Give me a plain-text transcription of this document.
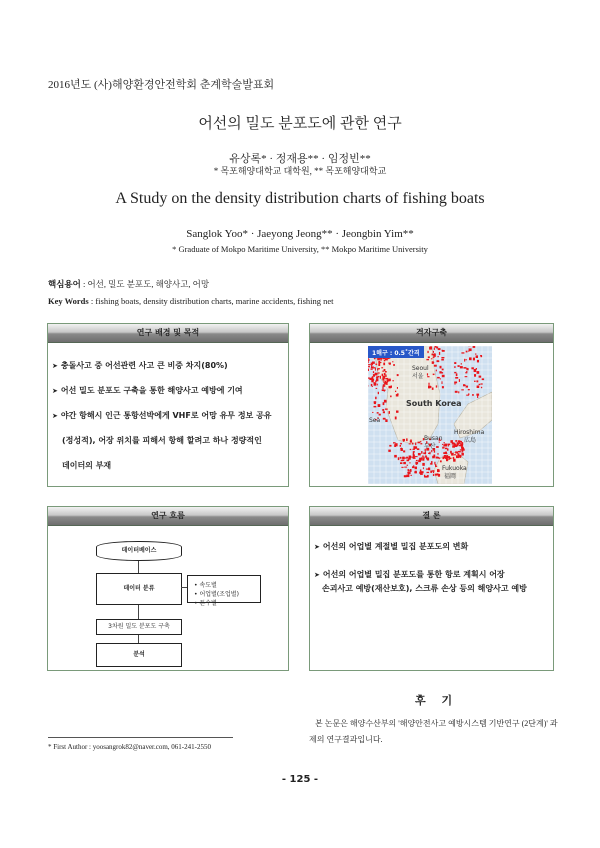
2016년도 (사)해양환경안전학회 춘계학술발표회
어선의 밀도 분포도에 관한 연구
유상록* · 정재용** · 임정빈**
* 목포해양대학교 대학원, ** 목포해양대학교
A Study on the density distribution charts of fishing boats
Sanglok Yoo* · Jaeyong Jeong** · Jeongbin Yim**
* Graduate of Mokpo Maritime University, ** Mokpo Maritime University
핵심용어 : 어선, 밀도 분포도, 해양사고, 어망
Key Words : fishing boats, density distribution charts, marine accidents, fishing net
연구 배경 및 목적
➤ 충돌사고 중 어선관련 사고 큰 비중 차지(80%)
➤ 어선 밀도 분포도 구축을 통한 해양사고 예방에 기여
➤ 야간 항해시 인근 통항선박에게 VHF로 어망 유무 정보 공유
(정성적), 어장 위치를 피해서 항해 할려고 하나 정량적인
데이터의 부재
격자구축
1해구 : 0.5˚간격
Seoul
서울
South Korea
Busan
부산
Hiroshima
広島
Fukuoka
福岡
Sea
연구 흐름
데이터베이스
데이터 분류	• 속도별
• 어업별(조업별)
• 톤수별
3차원 밀도 분포도 구축
분석
결 론
➤ 어선의 어업별 계절별 밀집 분포도의 변화
➤ 어선의 어업별 밀집 분포도를 통한 항로 계획시 어장
손괴사고 예방(재산보호), 스크류 손상 등의 해양사고 예방
후 기
본 논문은 해양수산부의 '해양안전사고 예방시스템 기반연구 (2단계)' 과제의 연구결과입니다.
* First Author : yoosangrok82@naver.com, 061-241-2550
- 125 -
